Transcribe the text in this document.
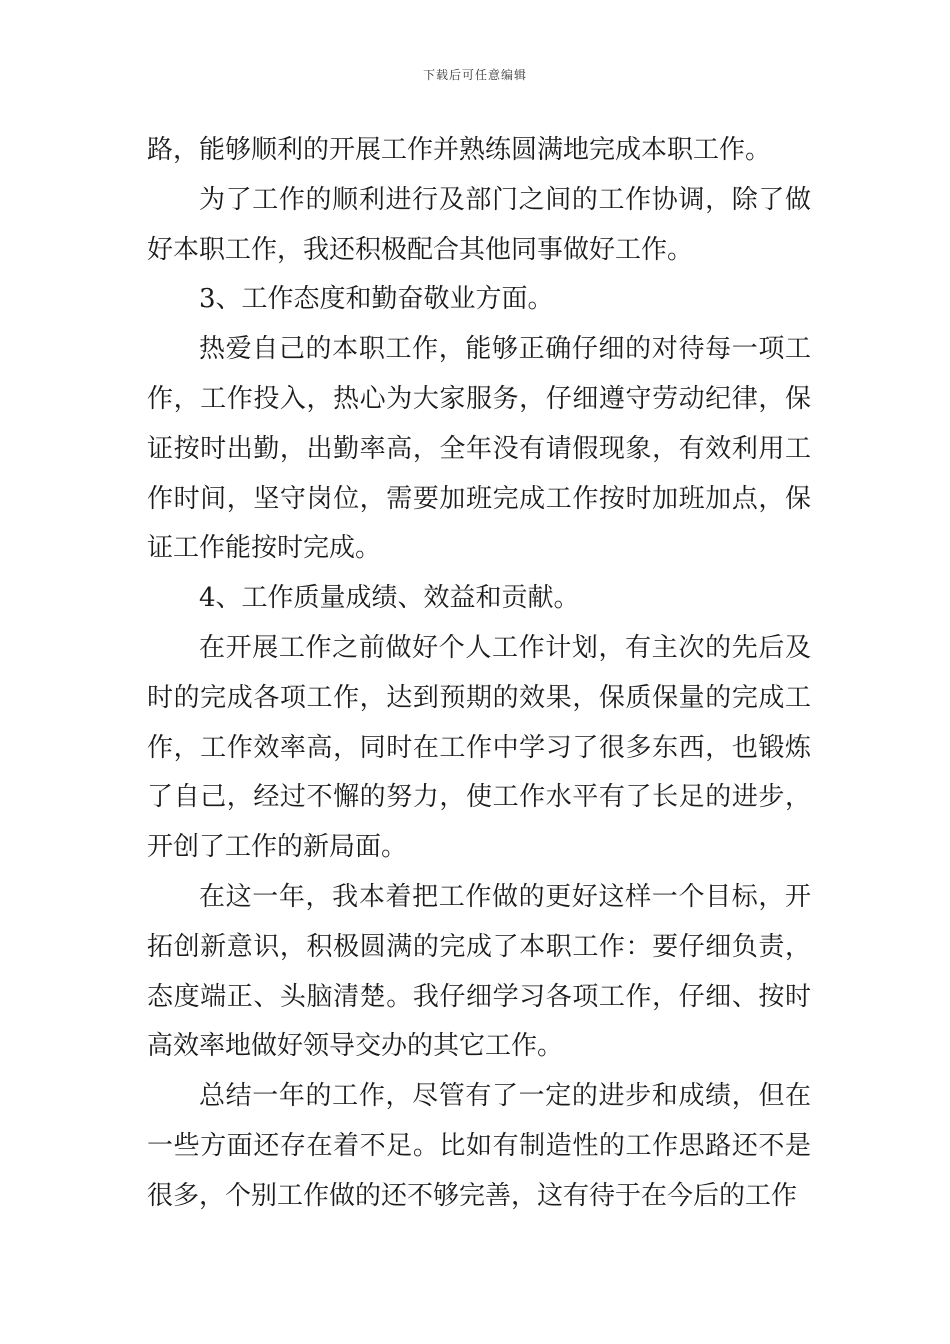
下载后可任意编辑

路，能够顺利的开展工作并熟练圆满地完成本职工作。

为了工作的顺利进行及部门之间的工作协调，除了做好本职工作，我还积极配合其他同事做好工作。

3、工作态度和勤奋敬业方面。

热爱自己的本职工作，能够正确仔细的对待每一项工作，工作投入，热心为大家服务，仔细遵守劳动纪律，保证按时出勤，出勤率高，全年没有请假现象，有效利用工作时间，坚守岗位，需要加班完成工作按时加班加点，保证工作能按时完成。

4、工作质量成绩、效益和贡献。

在开展工作之前做好个人工作计划，有主次的先后及时的完成各项工作，达到预期的效果，保质保量的完成工作，工作效率高，同时在工作中学习了很多东西，也锻炼了自己，经过不懈的努力，使工作水平有了长足的进步，开创了工作的新局面。

在这一年，我本着把工作做的更好这样一个目标，开拓创新意识，积极圆满的完成了本职工作：要仔细负责，态度端正、头脑清楚。我仔细学习各项工作，仔细、按时高效率地做好领导交办的其它工作。

总结一年的工作，尽管有了一定的进步和成绩，但在一些方面还存在着不足。比如有制造性的工作思路还不是很多，个别工作做的还不够完善，这有待于在今后的工作
